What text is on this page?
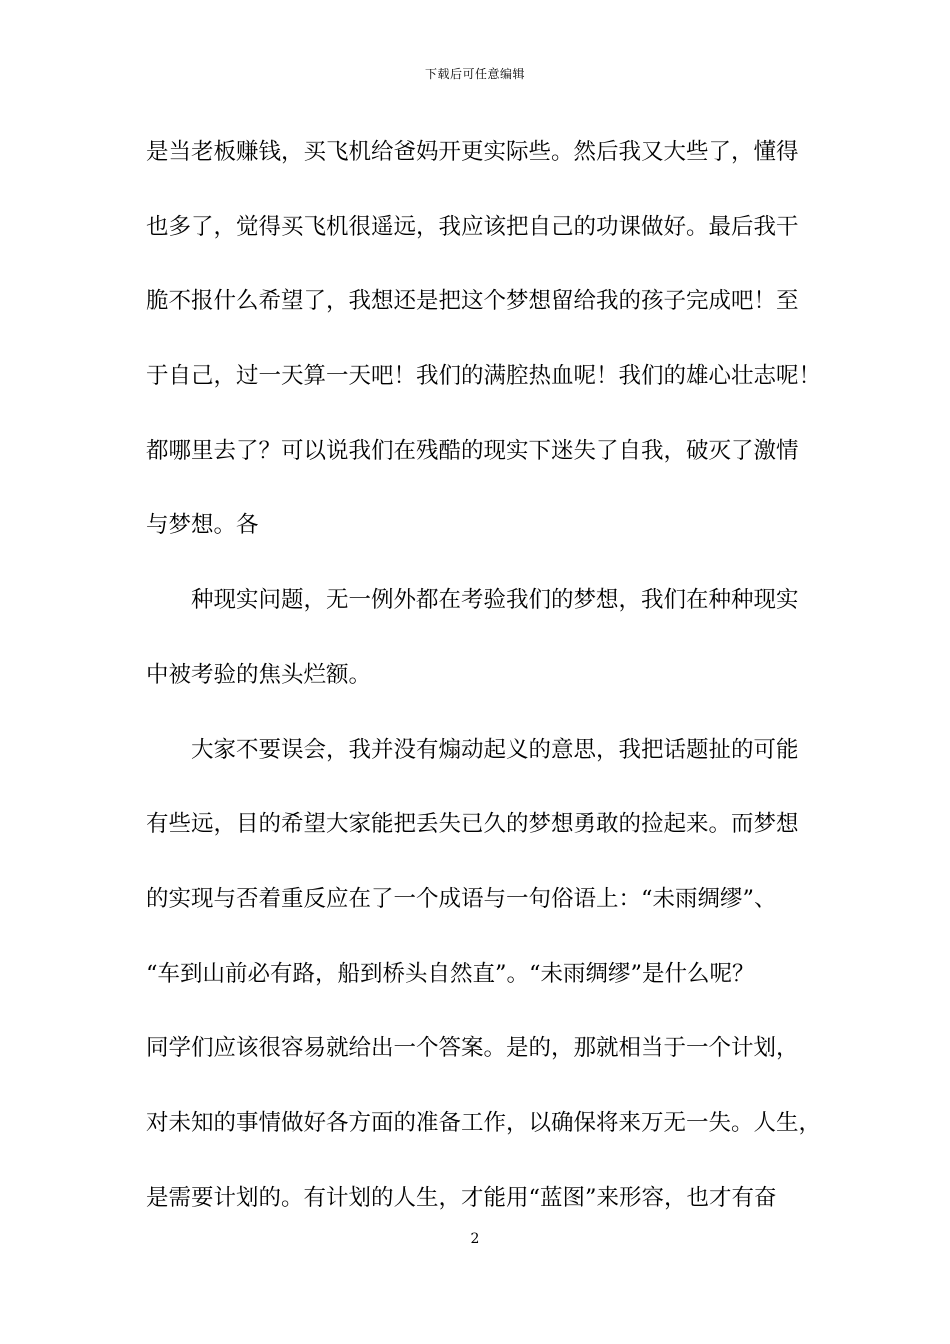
下载后可任意编辑
是当老板赚钱，买飞机给爸妈开更实际些。然后我又大些了，懂得
也多了，觉得买飞机很遥远，我应该把自己的功课做好。最后我干
脆不报什么希望了，我想还是把这个梦想留给我的孩子完成吧！至
于自己，过一天算一天吧！我们的满腔热血呢！我们的雄心壮志呢！
都哪里去了？可以说我们在残酷的现实下迷失了自我，破灭了激情
与梦想。各
种现实问题，无一例外都在考验我们的梦想，我们在种种现实
中被考验的焦头烂额。
大家不要误会，我并没有煽动起义的意思，我把话题扯的可能
有些远，目的希望大家能把丢失已久的梦想勇敢的捡起来。而梦想
的实现与否着重反应在了一个成语与一句俗语上：“未雨绸缪”、
“车到山前必有路，船到桥头自然直”。“未雨绸缪”是什么呢？
同学们应该很容易就给出一个答案。是的，那就相当于一个计划，
对未知的事情做好各方面的准备工作，以确保将来万无一失。人生，
是需要计划的。有计划的人生，才能用“蓝图”来形容，也才有奋
2
